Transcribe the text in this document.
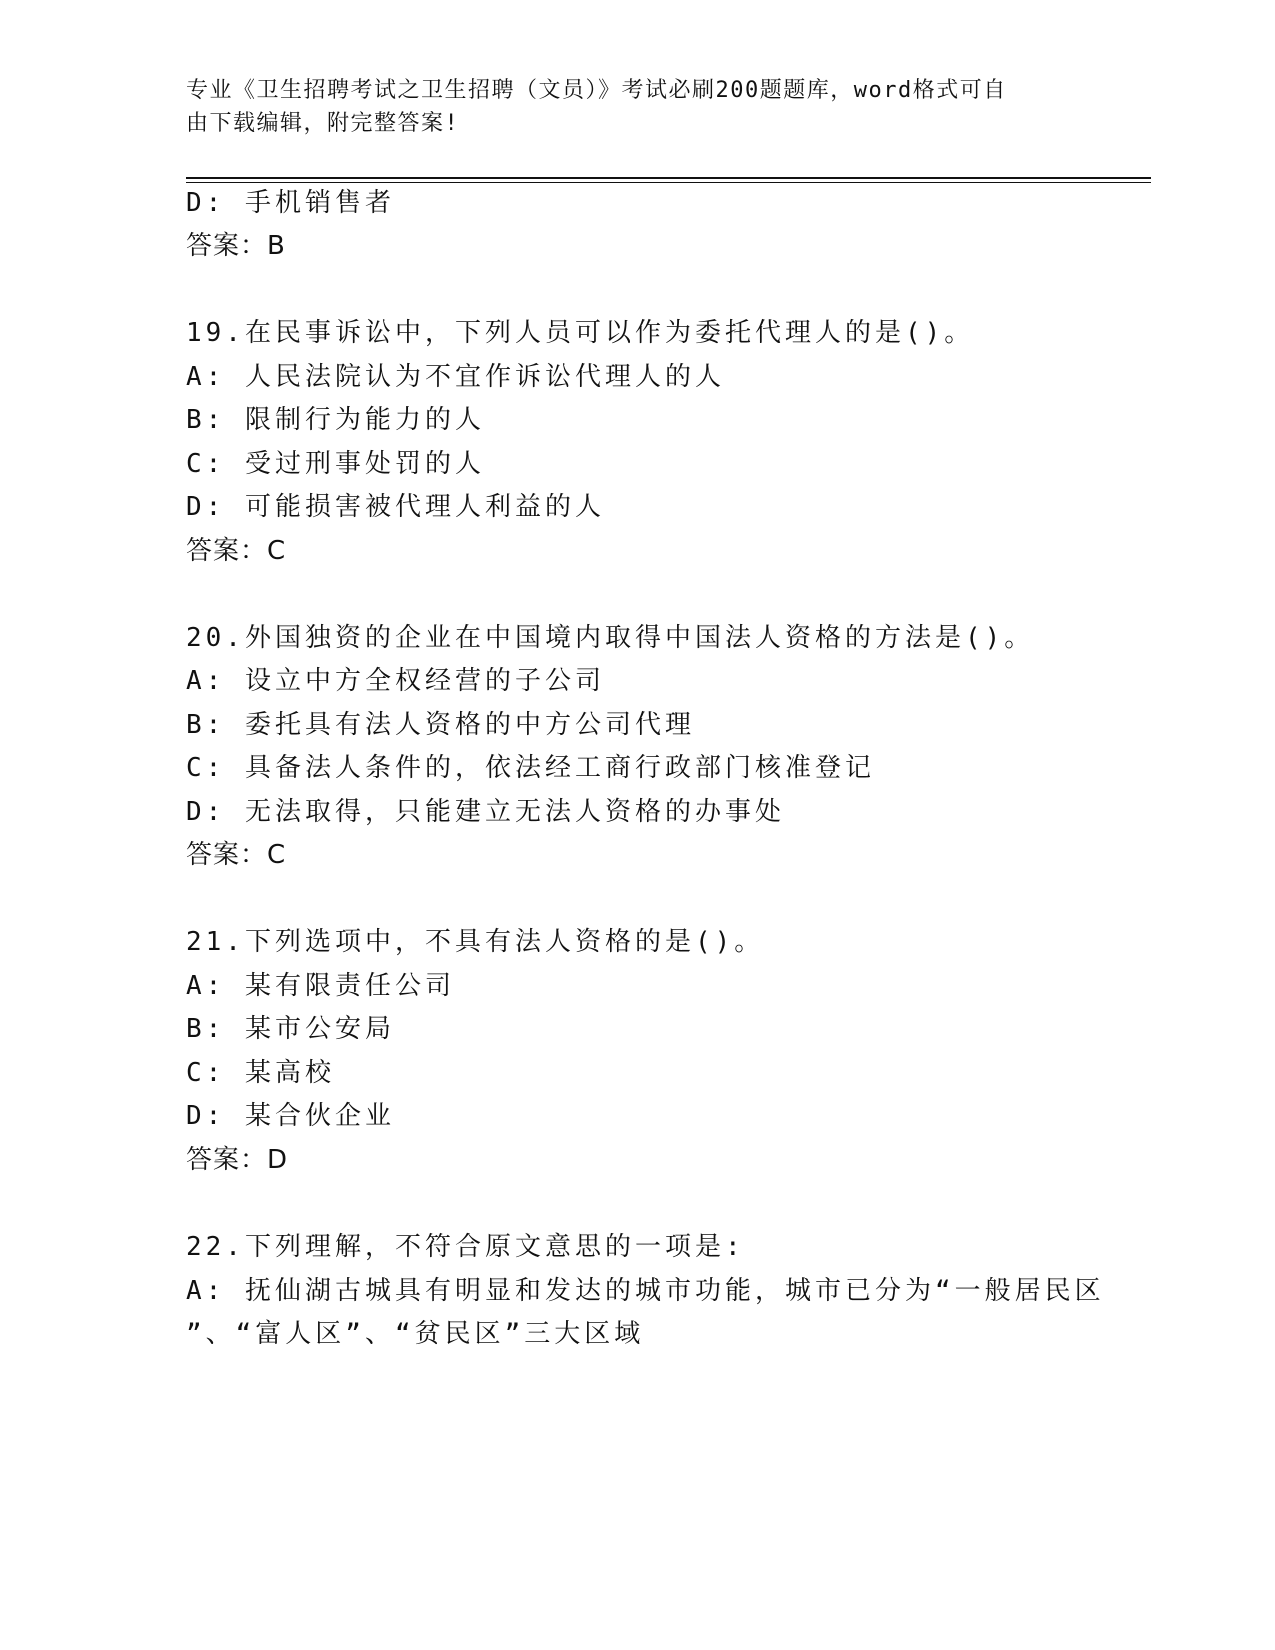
专业《卫生招聘考试之卫生招聘（文员）》考试必刷200题题库，word格式可自
由下载编辑，附完整答案!
D: 手机销售者
答案：B
19.在民事诉讼中，下列人员可以作为委托代理人的是()。
A: 人民法院认为不宜作诉讼代理人的人
B: 限制行为能力的人
C: 受过刑事处罚的人
D: 可能损害被代理人利益的人
答案：C
20.外国独资的企业在中国境内取得中国法人资格的方法是()。
A: 设立中方全权经营的子公司
B: 委托具有法人资格的中方公司代理
C: 具备法人条件的，依法经工商行政部门核准登记
D: 无法取得，只能建立无法人资格的办事处
答案：C
21.下列选项中，不具有法人资格的是()。
A: 某有限责任公司
B: 某市公安局
C: 某高校
D: 某合伙企业
答案：D
22.下列理解，不符合原文意思的一项是:
A: 抚仙湖古城具有明显和发达的城市功能，城市已分为“一般居民区
”、“富人区”、“贫民区”三大区域
